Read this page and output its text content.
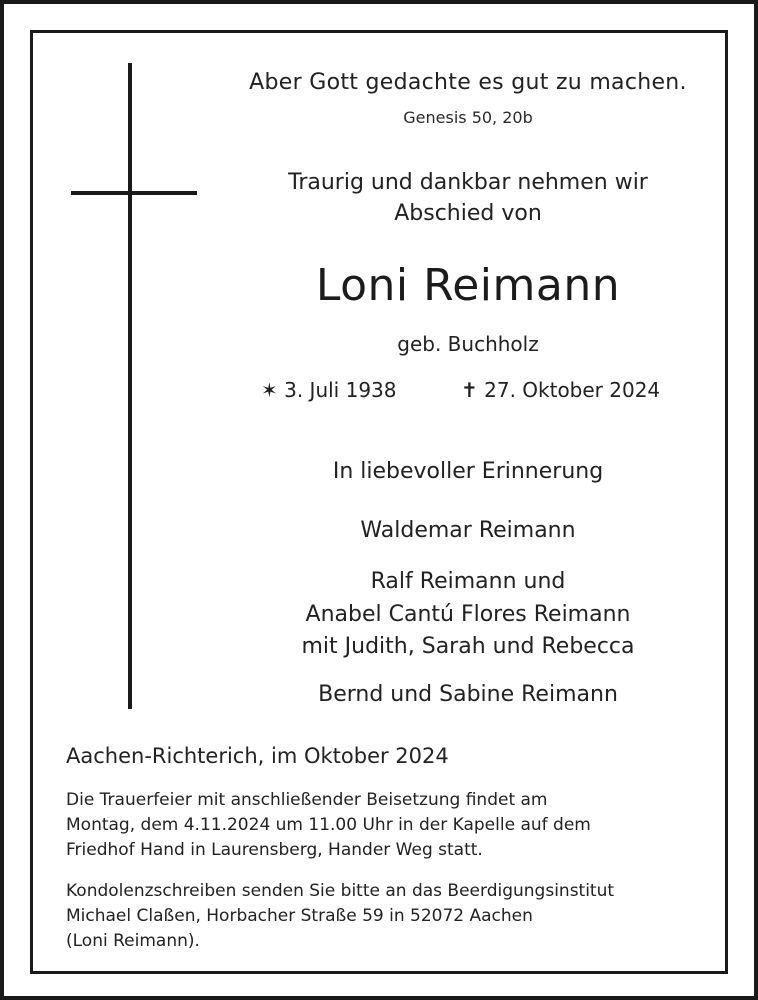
Aber Gott gedachte es gut zu machen.

Genesis 50, 20b

Traurig und dankbar nehmen wir

Abschied von

Loni Reimann

geb. Buchholz

✶ 3. Juli 1938	✝ 27. Oktober 2024

In liebevoller Erinnerung

Waldemar Reimann

Ralf Reimann und

Anabel Cantú Flores Reimann

mit Judith, Sarah und Rebecca

Bernd und Sabine Reimann

Aachen-Richterich, im Oktober 2024

Die Trauerfeier mit anschließender Beisetzung findet am

Montag, dem 4.11.2024 um 11.00 Uhr in der Kapelle auf dem

Friedhof Hand in Laurensberg, Hander Weg statt.

Kondolenzschreiben senden Sie bitte an das Beerdigungsinstitut

Michael Claßen, Horbacher Straße 59 in 52072 Aachen

(Loni Reimann).
